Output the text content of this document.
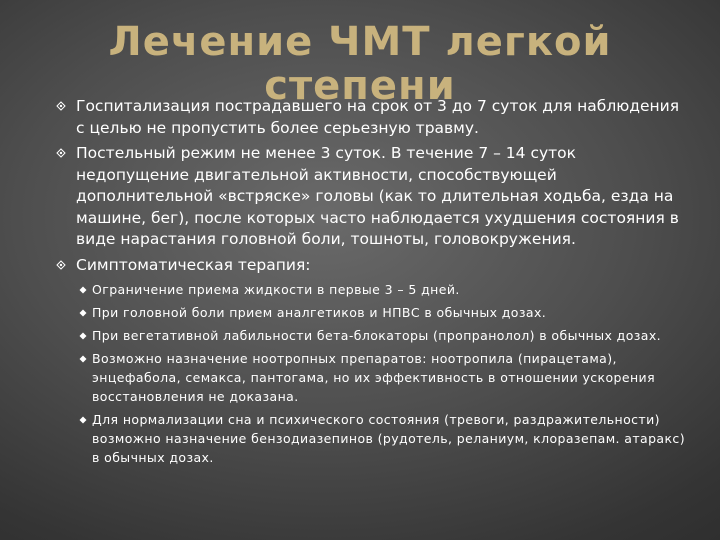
Лечение ЧМТ легкой степени
Госпитализация пострадавшего на срок от 3 до 7 суток для наблюдения с целью не пропустить более серьезную травму.
Постельный режим не менее 3 суток. В течение 7 – 14 суток недопущение двигательной активности, способствующей дополнительной «встряске» головы (как то длительная ходьба, езда на машине, бег), после которых часто наблюдается ухудшения состояния в виде нарастания головной боли, тошноты, головокружения.
Симптоматическая терапия:
Ограничение приема жидкости в первые 3 – 5 дней.
При головной боли прием аналгетиков и НПВС в обычных дозах.
При вегетативной лабильности бета-блокаторы (пропранолол) в обычных дозах.
Возможно назначение ноотропных препаратов: ноотропила (пирацетама), энцефабола, семакса, пантогама, но их эффективность в отношении ускорения восстановления не доказана.
Для нормализации сна и психического состояния (тревоги, раздражительности) возможно назначение бензодиазепинов (рудотель, реланиум, клоразепам. атаракс) в обычных дозах.
